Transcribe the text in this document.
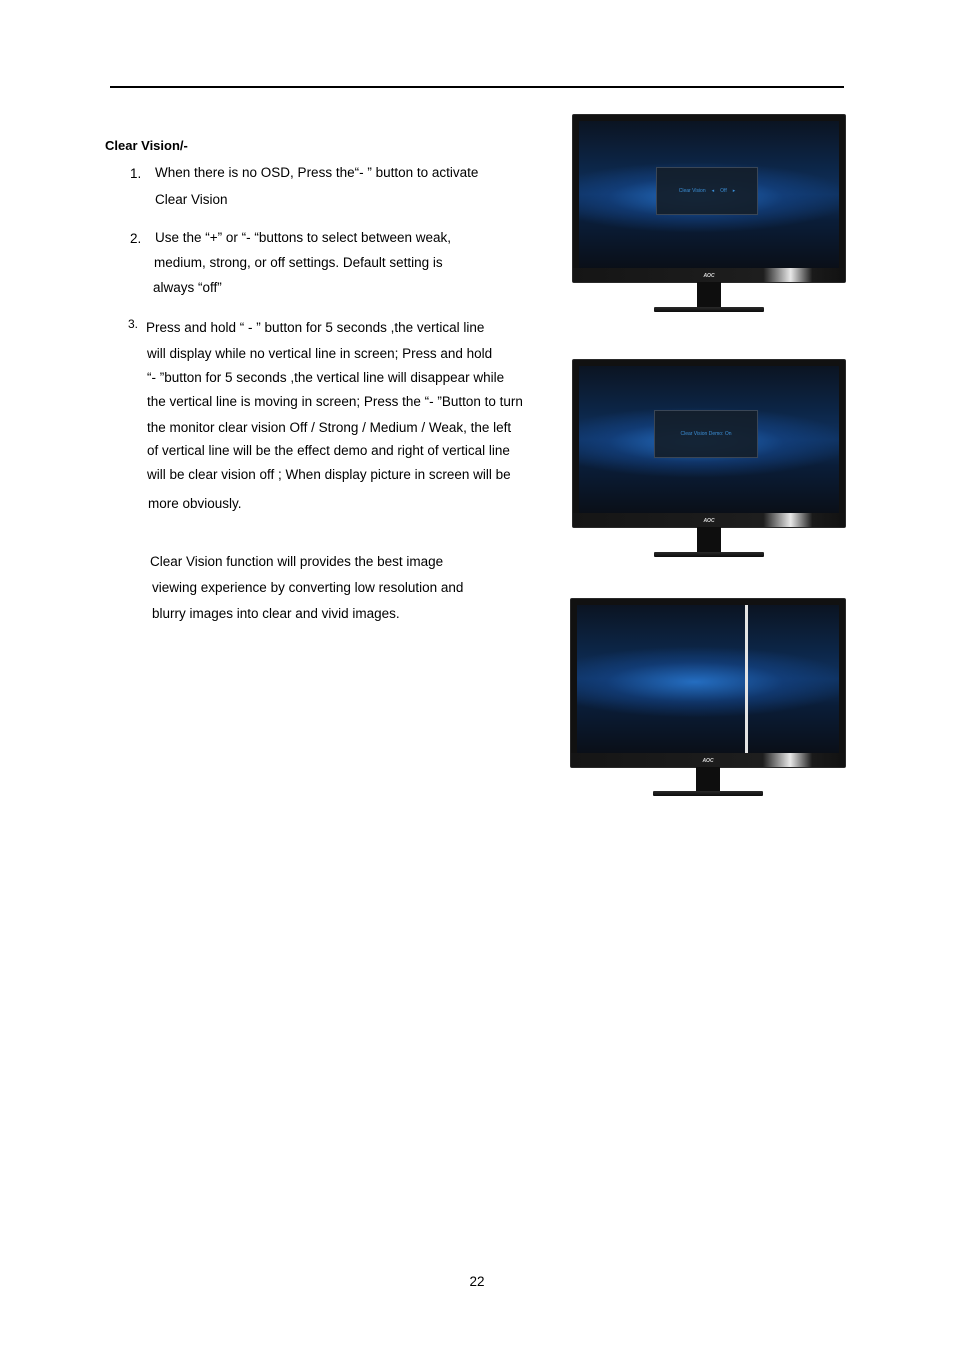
Clear Vision/-
1. When there is no OSD, Press the“- ” button to activate
Clear Vision
2. Use the “+” or “- “buttons to select between weak,
medium, strong, or off settings. Default setting is
always “off”
3. Press and hold “ - ” button for 5 seconds ,the vertical line
will display while no vertical line in screen; Press and hold
“- ”button for 5 seconds ,the vertical line will disappear while
the vertical line is moving in screen; Press the “- ”Button to turn
the monitor clear vision Off / Strong / Medium / Weak, the left
of vertical line will be the effect demo and right of vertical line
will be clear vision off ; When display picture in screen will be
more obviously.
Clear Vision function will provides the best image
viewing experience by converting low resolution and
blurry images into clear and vivid images.
Clear Vision ◂ Off ▸
AOC
Clear Vision Demo: On
AOC
AOC
22
